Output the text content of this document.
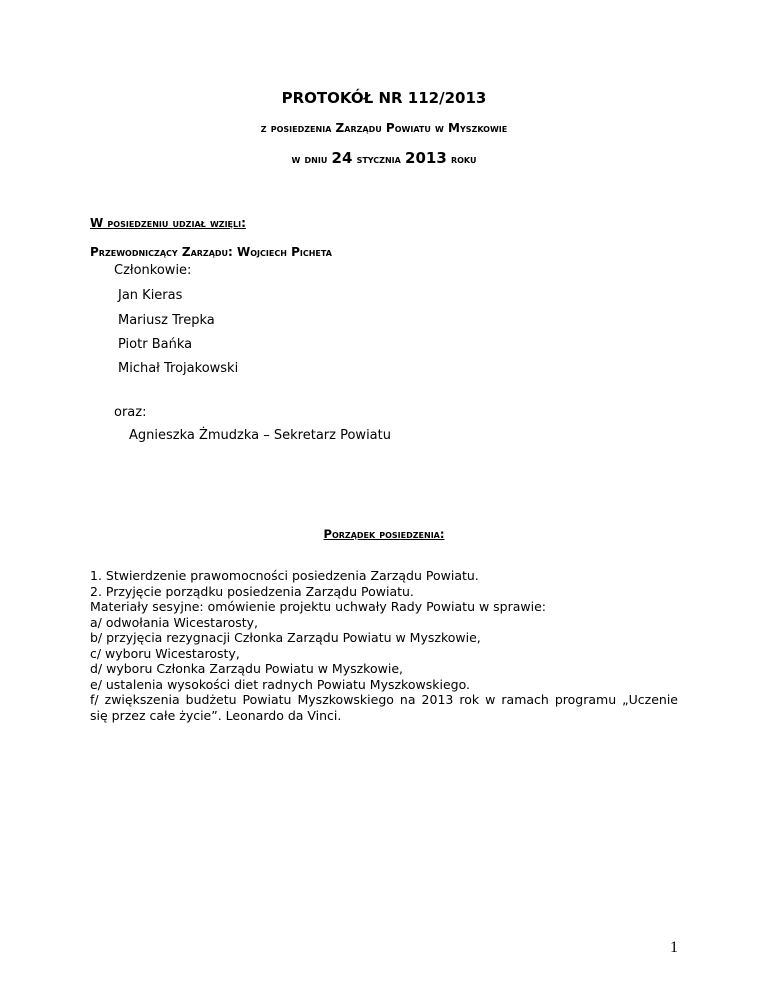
PROTOKÓŁ NR 112/2013
z posiedzenia Zarządu Powiatu w Myszkowie
w dniu 24 stycznia 2013 roku
W posiedzeniu udział wzięli:
Przewodniczący Zarządu: Wojciech Picheta
Członkowie:
Jan Kieras
Mariusz Trepka
Piotr Bańka
Michał Trojakowski
oraz:
Agnieszka Żmudzka – Sekretarz Powiatu
Porządek posiedzenia:
1. Stwierdzenie prawomocności posiedzenia Zarządu Powiatu.
2. Przyjęcie porządku posiedzenia Zarządu Powiatu.
Materiały sesyjne: omówienie projektu uchwały Rady Powiatu w sprawie:
a/ odwołania Wicestarosty,
b/ przyjęcia rezygnacji Członka Zarządu Powiatu w Myszkowie,
c/ wyboru Wicestarosty,
d/ wyboru Członka Zarządu Powiatu w Myszkowie,
e/ ustalenia wysokości diet radnych Powiatu Myszkowskiego.
f/ zwiększenia budżetu Powiatu Myszkowskiego na 2013 rok w ramach programu „Uczenie
się przez całe życie”. Leonardo da Vinci.
1
